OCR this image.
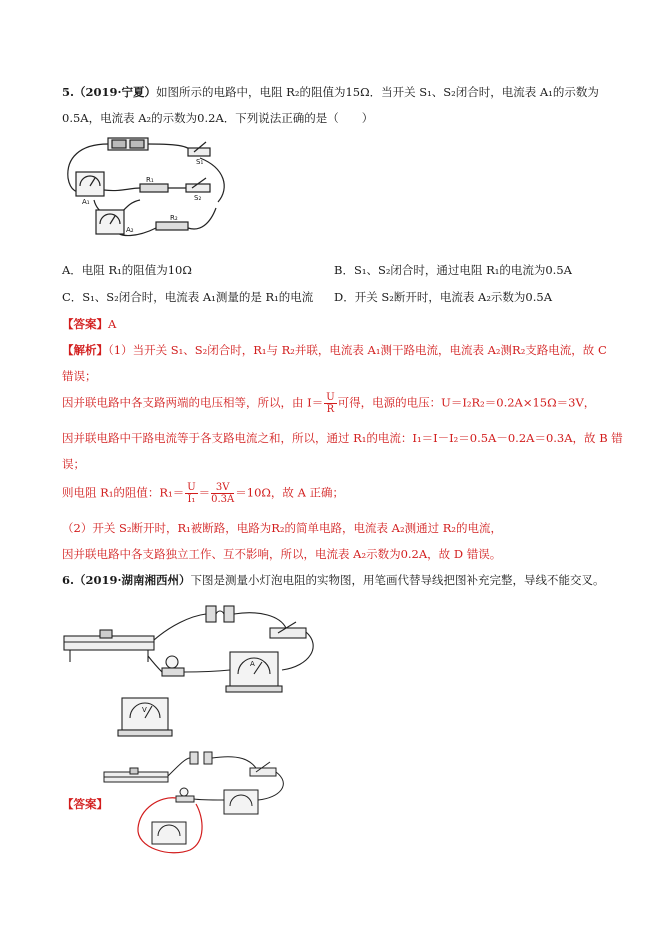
5.（2019·宁夏）如图所示的电路中，电阻 R₂的阻值为15Ω．当开关 S₁、S₂闭合时，电流表 A₁的示数为
0.5A，电流表 A₂的示数为0.2A．下列说法正确的是（　　）
A₁
A₂
R₁
R₂
S₁
S₂
A．电阻 R₁的阻值为10Ω	B．S₁、S₂闭合时，通过电阻 R₁的电流为0.5A
C．S₁、S₂闭合时，电流表 A₁测量的是 R₁的电流 D．开关 S₂断开时，电流表 A₂示数为0.5A
【答案】A
【解析】（1）当开关 S₁、S₂闭合时，R₁与 R₂并联，电流表 A₁测干路电流，电流表 A₂测R₂支路电流，故 C
错误；
因并联电路中各支路两端的电压相等，所以，由 $I= \frac{U}{R}$ 可得，电源的电压：U＝I₂R₂＝0.2A×15Ω＝3V，
因并联电路中干路电流等于各支路电流之和，所以，通过 R₁的电流：I₁＝I－I₂＝0.5A－0.2A＝0.3A，故 B 错
误；
则电阻 R₁的阻值：$R_1= \frac{U}{\text{I₁}} = \frac{3V}{0.3A} =10\Omega$，故 A 正确；
（2）开关 S₂断开时，R₁被断路，电路为R₂的简单电路，电流表 A₂测通过 R₂的电流，
因并联电路中各支路独立工作、互不影响，所以，电流表 A₂示数为0.2A，故 D 错误。
6.（2019·湖南湘西州）下图是测量小灯泡电阻的实物图，用笔画代替导线把图补充完整，导线不能交叉。
A
V
【答案】
